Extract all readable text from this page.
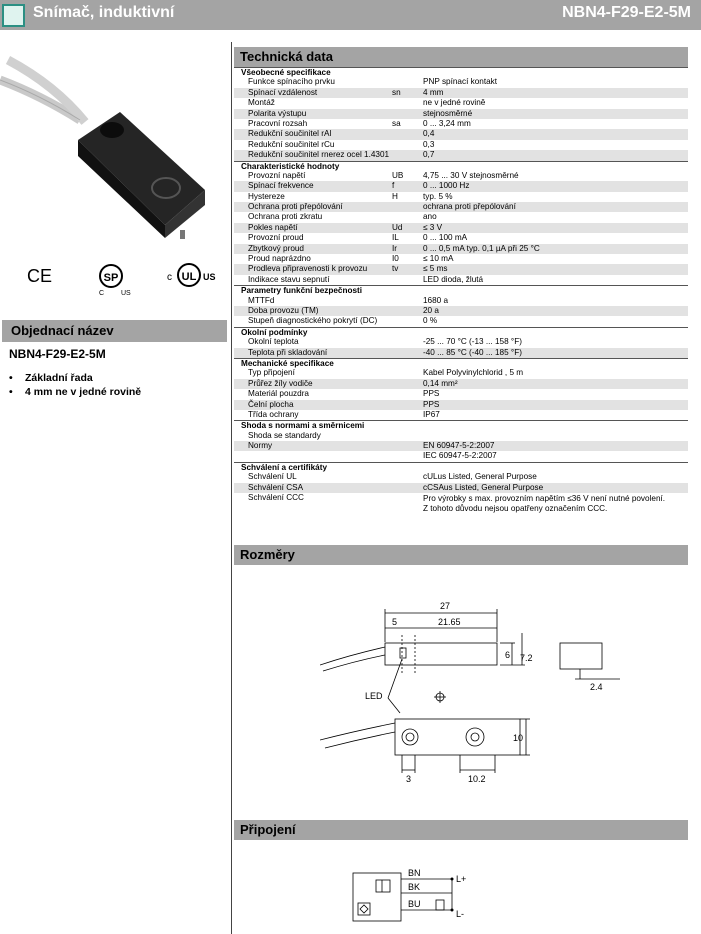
Snímač, induktivní	NBN4-F29-E2-5M
CE	SP
C US
c UL US
Objednací název
NBN4-F29-E2-5M
• Základní řada
• 4 mm ne v jedné rovině
Technická data
Všeobecné specifikace
Funkce spínacího prvku	PNP spínací kontakt
Spínací vzdálenost	sn	4 mm
Montáž	ne v jedné rovině
Polarita výstupu	stejnosměrné
Pracovní rozsah	sa	0 ... 3,24 mm
Redukční součinitel rAl	0,4
Redukční součinitel rCu	0,3
Redukční součinitel rnerez ocel 1.4301	0,7
Charakteristické hodnoty
Provozní napětí	UB 4,75 ... 30 V stejnosměrné
Spínací frekvence	f	0 ... 1000 Hz
Hystereze	H	typ. 5 %
Ochrana proti přepólování	ochrana proti přepólování
Ochrana proti zkratu	ano
Pokles napětí	Ud	≤ 3 V
Provozní proud	IL	0 ... 100 mA
Zbytkový proud	Ir	0 ... 0,5 mA typ. 0,1 µA při 25 °C
Proud naprázdno	I0	≤ 10 mA
Prodleva připravenosti k provozu	tv	≤ 5 ms
Indikace stavu sepnutí	LED dioda, žlutá
Parametry funkční bezpečnosti
MTTFd	1680 a
Doba provozu (TM)	20 a
Stupeň diagnostického pokrytí (DC)	0 %
Okolní podmínky
Okolní teplota	-25 ... 70 °C (-13 ... 158 °F)
Teplota při skladování	-40 ... 85 °C (-40 ... 185 °F)
Mechanické specifikace
Typ připojení	Kabel Polyvinylchlorid , 5 m
Průřez žíly vodiče	0,14 mm²
Materiál pouzdra	PPS
Čelní plocha	PPS
Třída ochrany	IP67
Shoda s normami a směrnicemi
Shoda se standardy
Normy	EN 60947-5-2:2007
IEC 60947-5-2:2007
Schválení a certifikáty
Schválení UL	cULus Listed, General Purpose
Schválení CSA	cCSAus Listed, General Purpose
Schválení CCC	Pro výrobky s max. provozním napětím ≤36 V není nutné povolení.
Z tohoto důvodu nejsou opatřeny označením CCC.
Rozměry
27
5	21.65
6 7.2
2.4
10
3	10.2
LED
Připojení
BN
BK
BU
L+
L-
